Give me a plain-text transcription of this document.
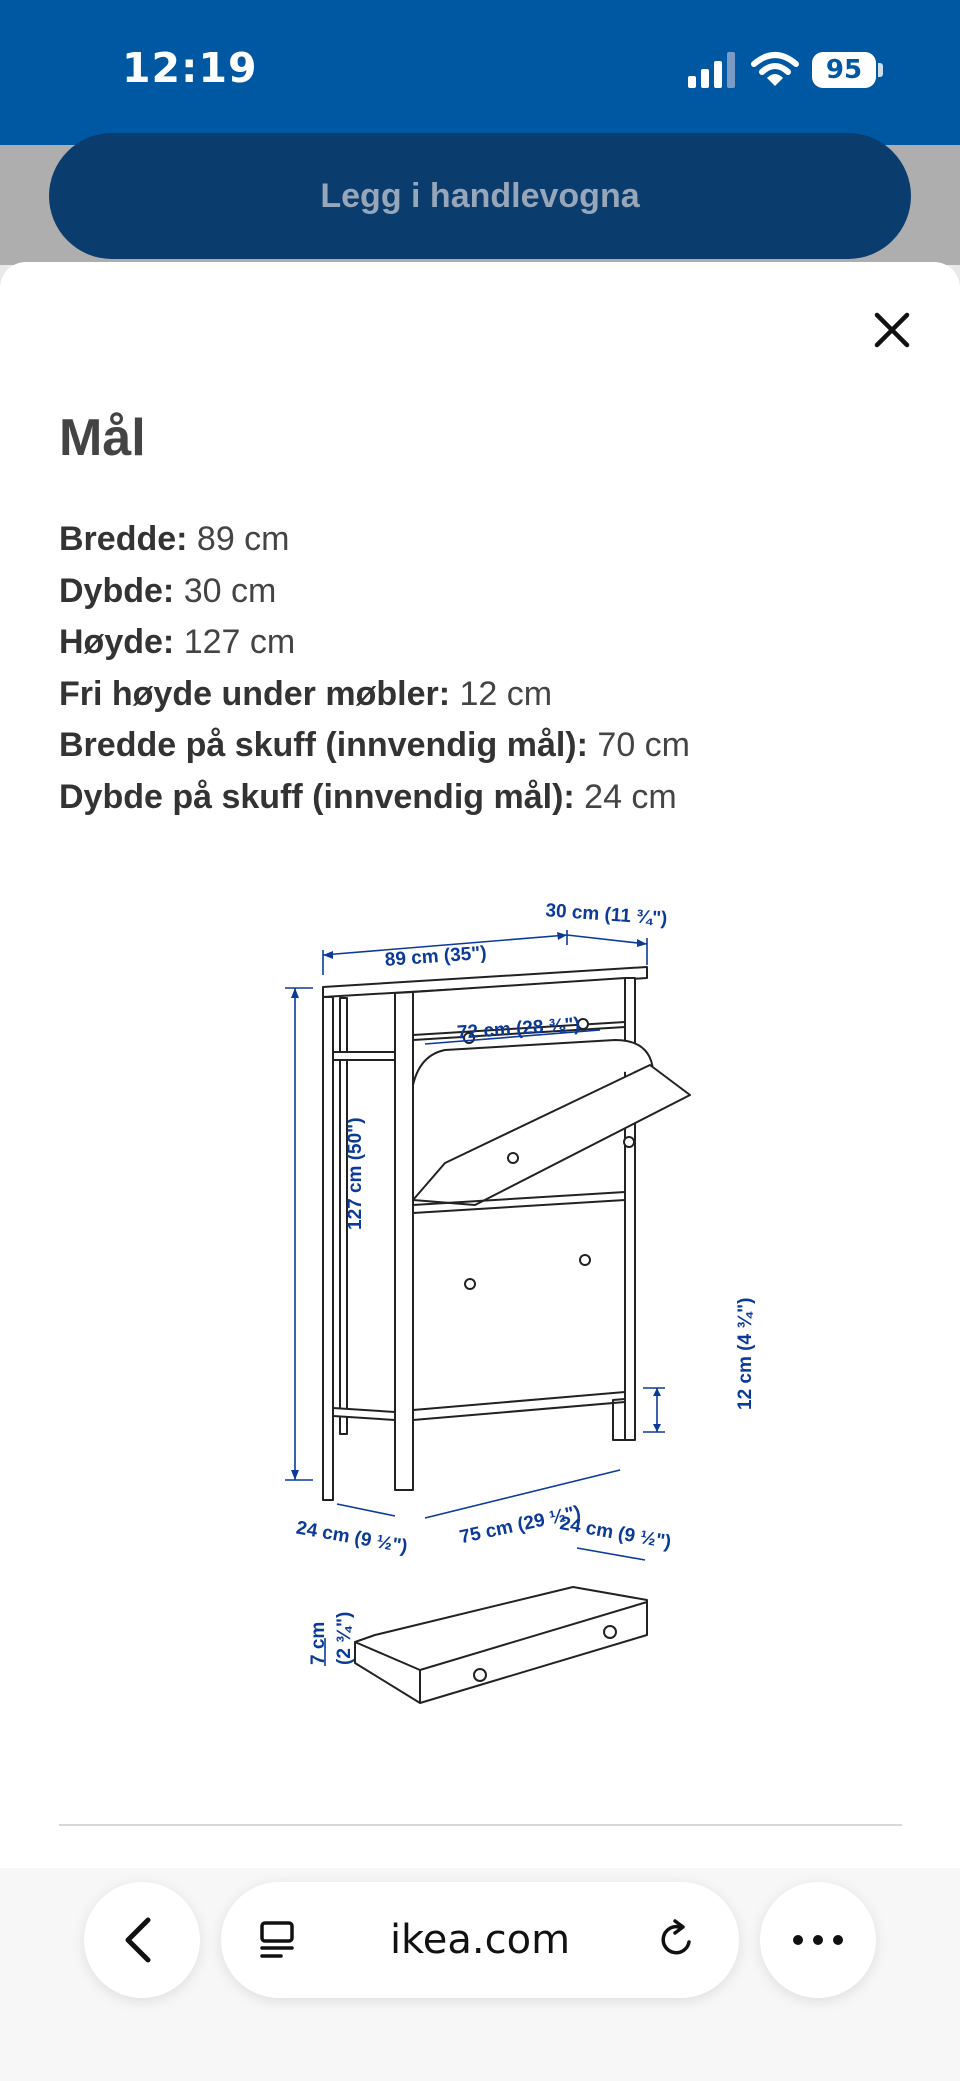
12:19	95
Legg i handlevogna
Mål
Bredde: 89 cm
Dybde: 30 cm
Høyde: 127 cm
Fri høyde under møbler: 12 cm
Bredde på skuff (innvendig mål): 70 cm
Dybde på skuff (innvendig mål): 24 cm
89 cm (35")
30 cm (11 ¾")
72 cm (28 ⅜")
127 cm (50")
12 cm (4 ¾")
24 cm (9 ½")	75 cm (29 ½")
24 cm (9 ½")
7 cm (2 ¾")
ikea.com
